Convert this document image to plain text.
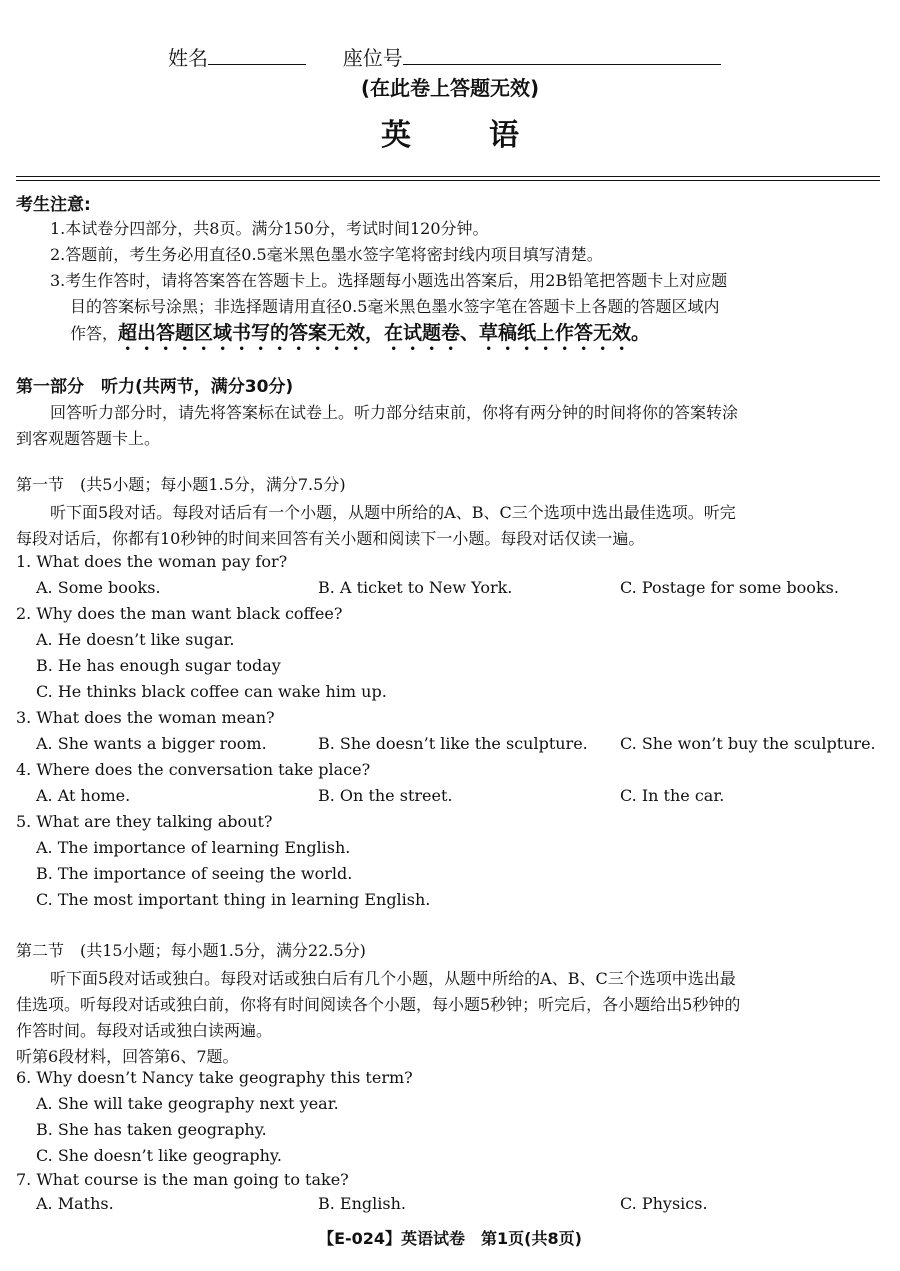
姓名	座位号
(在此卷上答题无效)
英语
考生注意:
1.本试卷分四部分，共8页。满分150分，考试时间120分钟。
2.答题前，考生务必用直径0.5毫米黑色墨水签字笔将密封线内项目填写清楚。
3.考生作答时，请将答案答在答题卡上。选择题每小题选出答案后，用2B铅笔把答题卡上对应题
目的答案标号涂黑；非选择题请用直径0.5毫米黑色墨水签字笔在答题卡上各题的答题区域内
作答，超出答题区域书写的答案无效，在试题卷、草稿纸上作答无效。
第一部分　听力(共两节，满分30分)
回答听力部分时，请先将答案标在试卷上。听力部分结束前，你将有两分钟的时间将你的答案转涂
到客观题答题卡上。
第一节　(共5小题；每小题1.5分，满分7.5分)
听下面5段对话。每段对话后有一个小题，从题中所给的A、B、C三个选项中选出最佳选项。听完
每段对话后，你都有10秒钟的时间来回答有关小题和阅读下一小题。每段对话仅读一遍。
1. What does the woman pay for?
A. Some books.	B. A ticket to New York.	C. Postage for some books.
2. Why does the man want black coffee?
A. He doesn’t like sugar.
B. He has enough sugar today
C. He thinks black coffee can wake him up.
3. What does the woman mean?
A. She wants a bigger room.	B. She doesn’t like the sculpture. C. She won’t buy the sculpture.
4. Where does the conversation take place?
A. At home.	B. On the street.	C. In the car.
5. What are they talking about?
A. The importance of learning English.
B. The importance of seeing the world.
C. The most important thing in learning English.
第二节　(共15小题；每小题1.5分，满分22.5分)
听下面5段对话或独白。每段对话或独白后有几个小题，从题中所给的A、B、C三个选项中选出最
佳选项。听每段对话或独白前，你将有时间阅读各个小题，每小题5秒钟；听完后，各小题给出5秒钟的
作答时间。每段对话或独白读两遍。
听第6段材料，回答第6、7题。
6. Why doesn’t Nancy take geography this term?
A. She will take geography next year.
B. She has taken geography.
C. She doesn’t like geography.
7. What course is the man going to take?
A. Maths.	B. English.	C. Physics.
【E-024】英语试卷　第1页(共8页)
